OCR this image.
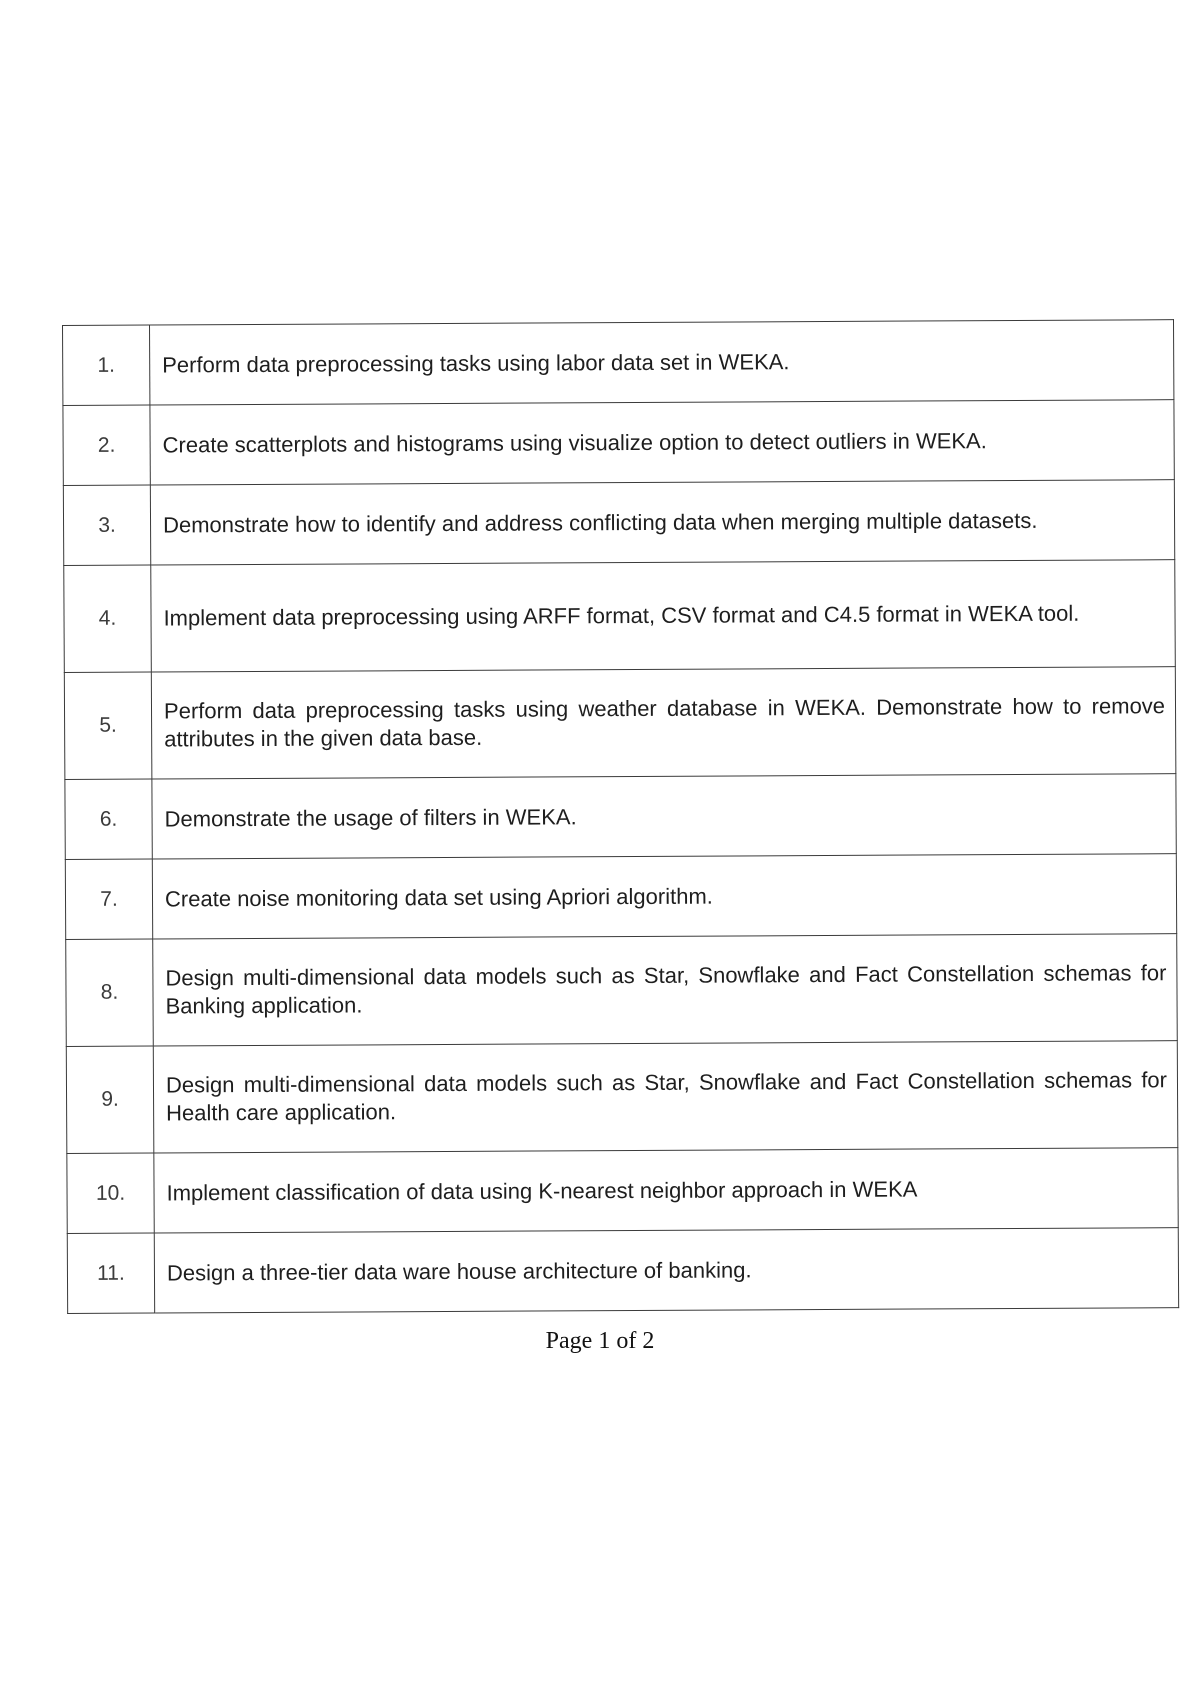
1.	Perform data preprocessing tasks using labor data set in WEKA.
2.	Create scatterplots and histograms using visualize option to detect outliers in WEKA.
3.	Demonstrate how to identify and address conflicting data when merging multiple datasets.
4.	Implement data preprocessing using ARFF format, CSV format and C4.5 format in WEKA tool.
5.	Perform data preprocessing tasks using weather database in WEKA. Demonstrate how to remove attributes in the given data base.
6.	Demonstrate the usage of filters in WEKA.
7.	Create noise monitoring data set using Apriori algorithm.
8.	Design multi-dimensional data models such as Star, Snowflake and Fact Constellation schemas for Banking application.
9.	Design multi-dimensional data models such as Star, Snowflake and Fact Constellation schemas for Health care application.
10.	Implement classification of data using K-nearest neighbor approach in WEKA
11.	Design a three-tier data ware house architecture of banking.
Page 1 of 2
